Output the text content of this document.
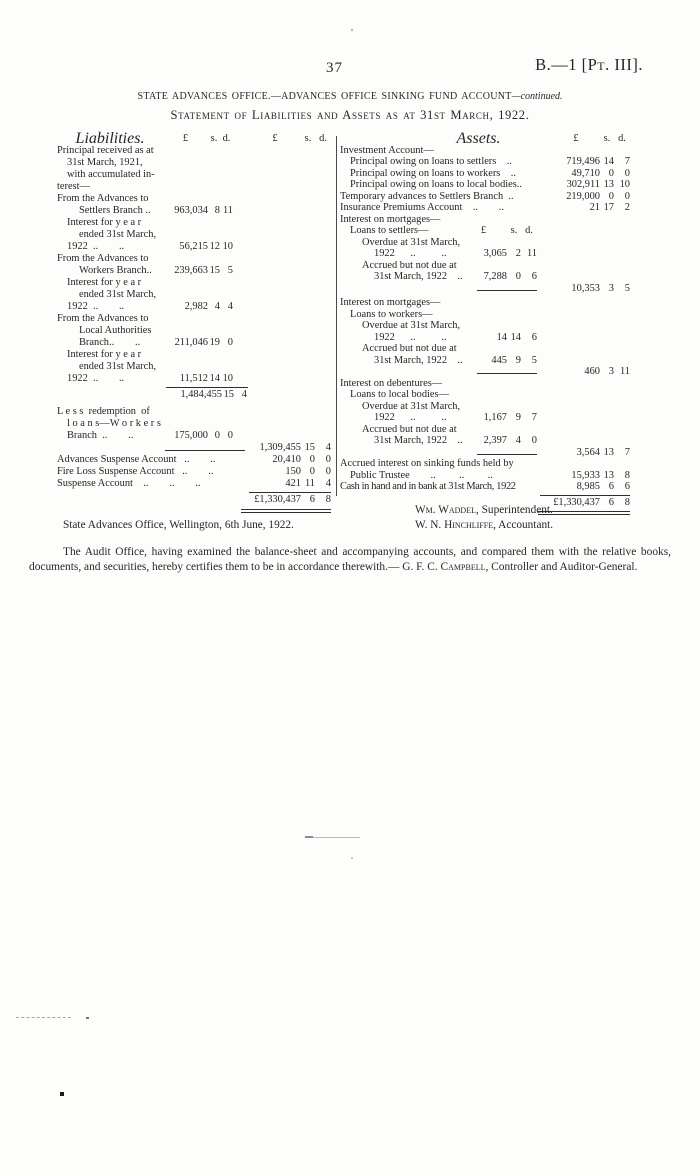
37	B.—1 [Pt. III].
STATE ADVANCES OFFICE.—ADVANCES OFFICE SINKING FUND ACCOUNT—continued.
Statement of Liabilities and Assets as at 31st March, 1922.
Liabilities.	£	s. d.	£	s. d.
Principal received as at
31st March, 1921,
with accumulated in-
terest—
From the Advances to
Settlers Branch ..	963,034 8 11
Interest for y e a r
ended 31st March,
1922  ..        ..	56,215 12 10
From the Advances to
Workers Branch..	239,663 15 5
Interest for y e a r
ended 31st March,
1922  ..        ..	2,982 4 4
From the Advances to
Local Authorities
Branch..        ..	211,046 19 0
Interest for y e a r
ended 31st March,
1922  ..        ..	11,512 14 10
1,484,455 15 4
L e s s  redemption  of
l o a n s—W o r k e r s
Branch  ..        ..	175,000 0 0
1,309,455 15	4
Advances Suspense Account   ..        ..	20,410 0	0
Fire Loss Suspense Account   ..        ..	150 0	0
Suspense Account    ..        ..        ..	421 11	4
£1,330,437 6	8
Assets.	£	s. d.
Investment Account—
Principal owing on loans to settlers    ..	719,496 14	7
Principal owing on loans to workers    ..	49,710 0	0
Principal owing on loans to local bodies..	302,911 13 10
Temporary advances to Settlers Branch  ..	219,000 0	0
Insurance Premiums Account    ..        ..	21 17	2
Interest on mortgages—
Loans to settlers—	£	s. d.
Overdue at 31st March,
1922      ..          ..	3,065 2 11
Accrued but not due at
31st March, 1922    ..	7,288 0	6
10,353 3	5
Interest on mortgages—
Loans to workers—
Overdue at 31st March,
1922      ..          ..	14 14	6
Accrued but not due at
31st March, 1922    ..	445 9	5
460 3 11
Interest on debentures—
Loans to local bodies—
Overdue at 31st March,
1922      ..          ..	1,167 9	7
Accrued but not due at
31st March, 1922    ..	2,397 4	0
3,564 13	7
Accrued interest on sinking funds held by
Public Trustee        ..         ..         ..	15,933 13	8
Cash in hand and in bank at 31st March, 1922	8,985 6	6
£1,330,437 6	8
Wm. Waddel, Superintendent.
State Advances Office, Wellington, 6th June, 1922.	W. N. Hinchliffe, Accountant.
The Audit Office, having examined the balance-sheet and accompanying accounts, and compared them with the relative books, documents, and securities, hereby certifies them to be in accordance therewith.— G. F. C. Campbell, Controller and Auditor-General.
